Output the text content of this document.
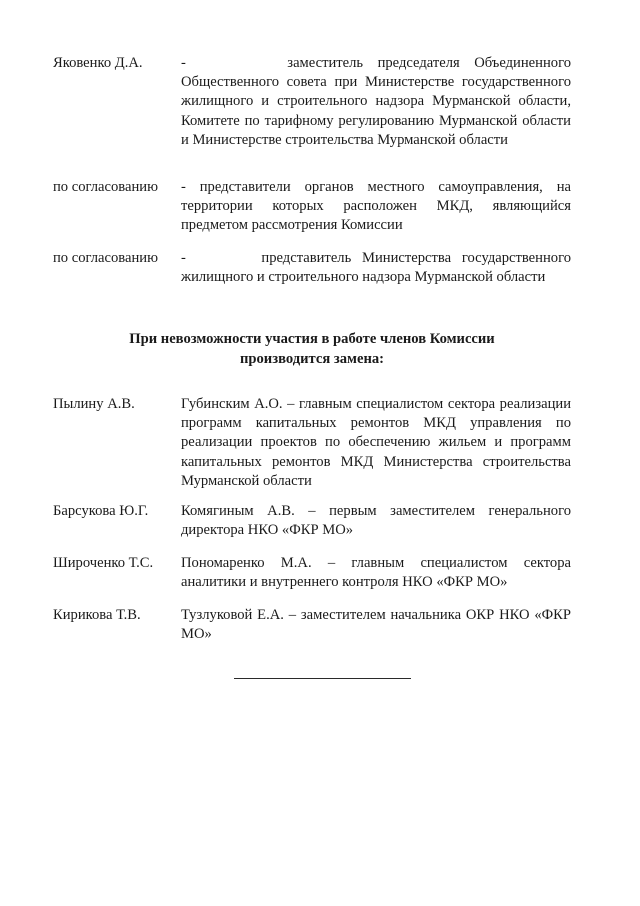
Яковенко Д.А.	-       заместитель председателя Объединенного Общественного совета при Министерстве государственного жилищного и строительного надзора Мурманской области, Комитете по тарифному регулированию Мурманской области и Министерстве строительства Мурманской области
по согласованию - представители органов местного самоуправления, на территории которых расположен МКД, являющийся предметом рассмотрения Комиссии
по согласованию -       представитель Министерства государственного жилищного и строительного надзора Мурманской области
При невозможности участия в работе членов Комиссии
производится замена:
Пылину А.В.	Губинским А.О. – главным специалистом сектора реализации программ капитальных ремонтов МКД управления по реализации проектов по обеспечению жильем и программ капитальных ремонтов МКД Министерства строительства Мурманской области
Барсукова Ю.Г. Комягиным А.В. – первым заместителем генерального директора НКО «ФКР МО»
Широченко Т.С. Пономаренко М.А. – главным специалистом сектора аналитики и внутреннего контроля НКО «ФКР МО»
Кирикова Т.В.	Тузлуковой Е.А. – заместителем начальника ОКР НКО «ФКР МО»
